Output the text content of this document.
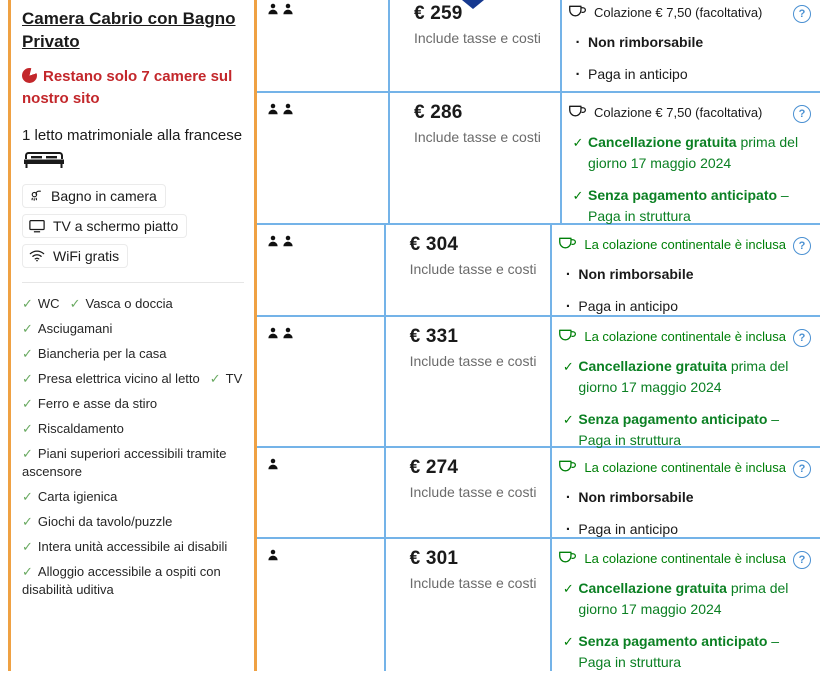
Camera Cabrio con Bagno Privato
Restano solo 7 camere sul nostro sito
1 letto matrimoniale alla francese
Bagno in camera
TV a schermo piatto
WiFi gratis
✓ WC ✓ Vasca o doccia
✓ Asciugamani
✓ Biancheria per la casa
✓ Presa elettrica vicino al letto ✓ TV
✓ Ferro e asse da stiro
✓ Riscaldamento
✓ Piani superiori accessibili tramite ascensore
✓ Carta igienica
✓ Giochi da tavolo/puzzle
✓ Intera unità accessibile ai disabili
✓ Alloggio accessibile a ospiti con disabilità uditiva
€ 259
Include tasse e costi
Colazione € 7,50 (facoltativa)	?
· Non rimborsabile
· Paga in anticipo
€ 286
Include tasse e costi
Colazione € 7,50 (facoltativa)	?
✓ Cancellazione gratuita prima del giorno 17 maggio 2024
✓ Senza pagamento anticipato – Paga in struttura
€ 304
Include tasse e costi
La colazione continentale è inclusa	?
· Non rimborsabile
· Paga in anticipo
€ 331
Include tasse e costi
La colazione continentale è inclusa	?
✓ Cancellazione gratuita prima del giorno 17 maggio 2024
✓ Senza pagamento anticipato – Paga in struttura
€ 274
Include tasse e costi
La colazione continentale è inclusa	?
· Non rimborsabile
· Paga in anticipo
€ 301
Include tasse e costi
La colazione continentale è inclusa	?
✓ Cancellazione gratuita prima del giorno 17 maggio 2024
✓ Senza pagamento anticipato – Paga in struttura
